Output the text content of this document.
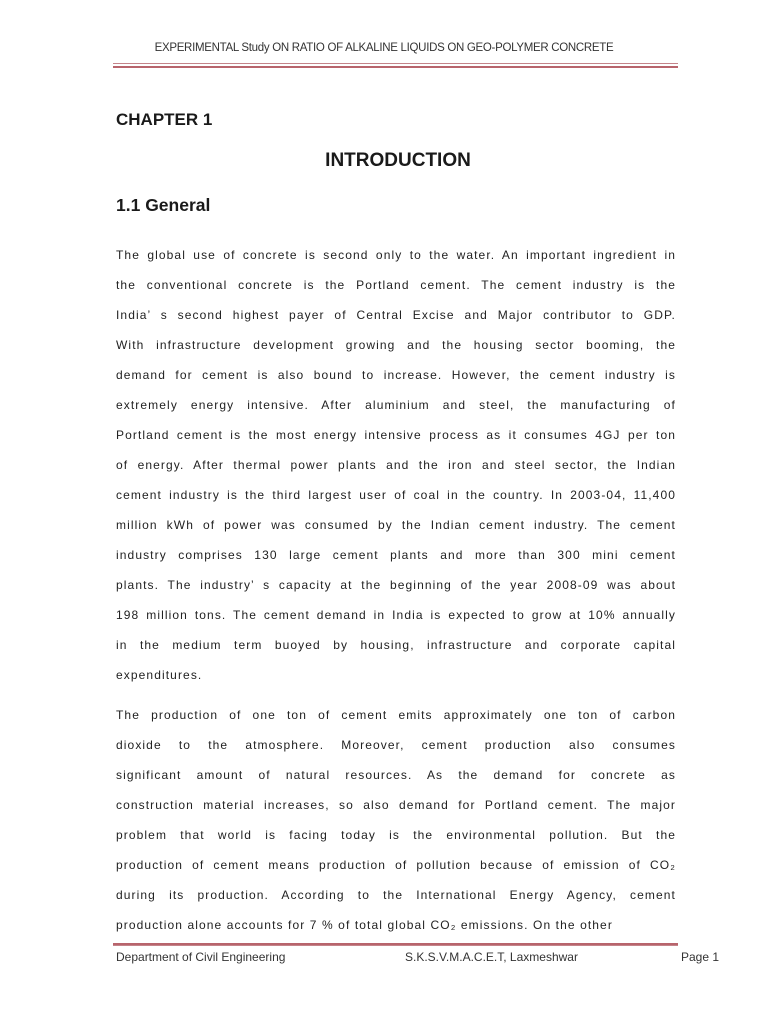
EXPERIMENTAL Study ON RATIO OF ALKALINE LIQUIDS ON GEO-POLYMER CONCRETE
CHAPTER 1
INTRODUCTION
1.1 General
The global use of concrete is second only to the water. An important ingredient in
the conventional concrete is the Portland cement. The cement industry is the
India’ s second highest payer of Central Excise and Major contributor to GDP.
With infrastructure development growing and the housing sector booming, the
demand for cement is also bound to increase. However, the cement industry is
extremely energy intensive. After aluminium and steel, the manufacturing of
Portland cement is the most energy intensive process as it consumes 4GJ per ton
of energy. After thermal power plants and the iron and steel sector, the Indian
cement industry is the third largest user of coal in the country. In 2003-04, 11,400
million kWh of power was consumed by the Indian cement industry. The cement
industry comprises 130 large cement plants and more than 300 mini cement
plants. The industry’ s capacity at the beginning of the year 2008-09 was about
198 million tons. The cement demand in India is expected to grow at 10% annually
in the medium term buoyed by housing, infrastructure and corporate capital
expenditures.
The production of one ton of cement emits approximately one ton of carbon
dioxide to the atmosphere. Moreover, cement production also consumes
significant amount of natural resources. As the demand for concrete as
construction material increases, so also demand for Portland cement. The major
problem that world is facing today is the environmental pollution. But the
production of cement means production of pollution because of emission of CO₂
during its production. According to the International Energy Agency, cement
production alone accounts for 7 % of total global CO₂ emissions. On the other
Department of Civil Engineering	S.K.S.V.M.A.C.E.T, Laxmeshwar	Page 1
